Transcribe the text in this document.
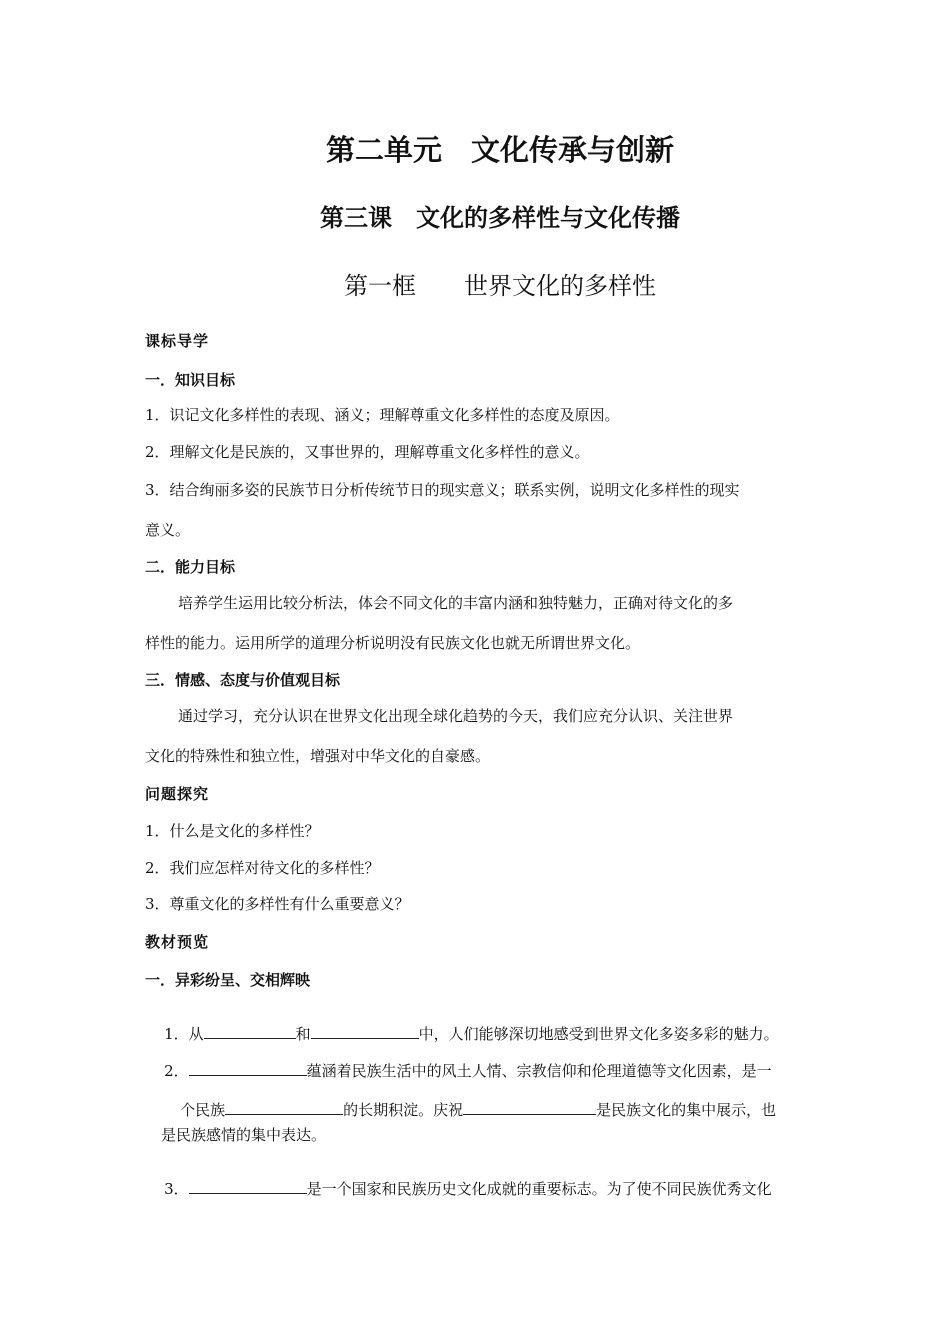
第二单元　文化传承与创新
第三课　文化的多样性与文化传播
第一框　　世界文化的多样性
课标导学
一．知识目标
1．识记文化多样性的表现、涵义；理解尊重文化多样性的态度及原因。
2．理解文化是民族的，又事世界的，理解尊重文化多样性的意义。
3．结合绚丽多姿的民族节日分析传统节日的现实意义；联系实例，说明文化多样性的现实
意义。
二．能力目标
培养学生运用比较分析法，体会不同文化的丰富内涵和独特魅力，正确对待文化的多
样性的能力。运用所学的道理分析说明没有民族文化也就无所谓世界文化。
三．情感、态度与价值观目标
通过学习，充分认识在世界文化出现全球化趋势的今天，我们应充分认识、关注世界
文化的特殊性和独立性，增强对中华文化的自豪感。
问题探究
1．什么是文化的多样性？
2．我们应怎样对待文化的多样性？
3．尊重文化的多样性有什么重要意义？
教材预览
一．异彩纷呈、交相辉映

1．从	和	中，人们能够深切地感受到世界文化多姿多彩的魅力。

2．	蕴涵着民族生活中的风土人情、宗教信仰和伦理道德等文化因素，是一

个民族	的长期积淀。庆祝	是民族文化的集中展示，也

是民族感情的集中表达。

3．	是一个国家和民族历史文化成就的重要标志。为了使不同民族优秀文化
